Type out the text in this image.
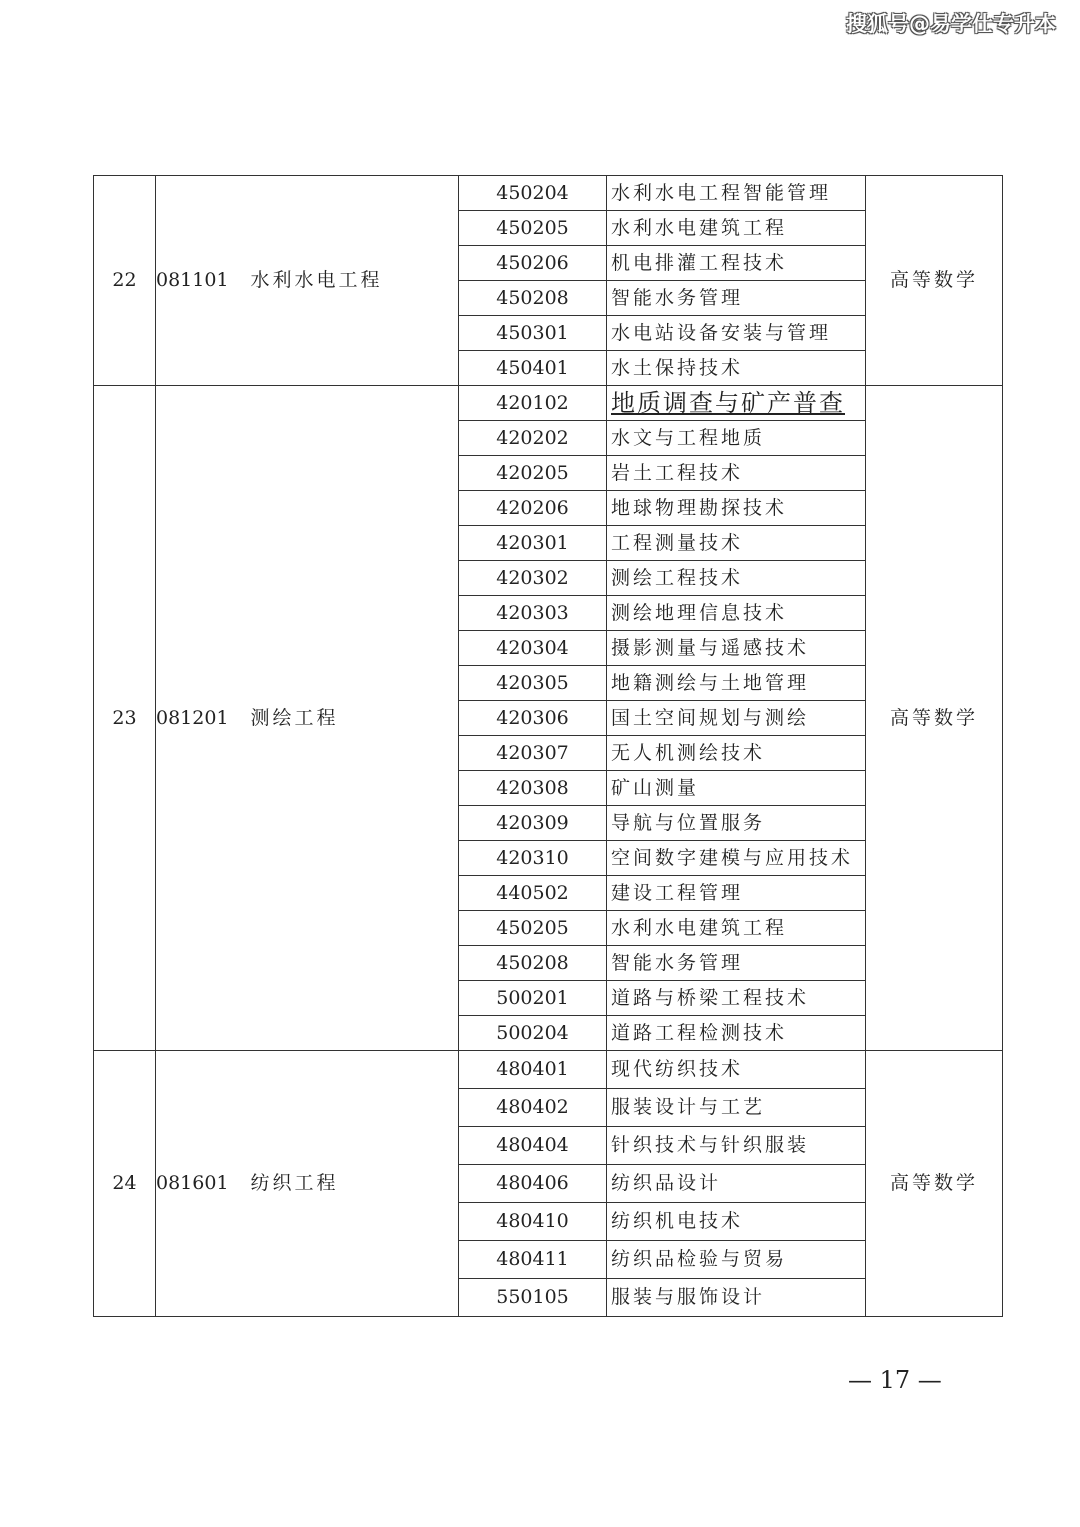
搜狐号@易学仕专升本
22	081101 水利水电工程	450204	水利水电工程智能管理	高等数学
		450205	水利水电建筑工程	
		450206	机电排灌工程技术	
		450208	智能水务管理	
		450301	水电站设备安装与管理	
		450401	水土保持技术	
23	081201 测绘工程	420102	地质调查与矿产普查	高等数学
		420202	水文与工程地质	
		420205	岩土工程技术	
		420206	地球物理勘探技术	
		420301	工程测量技术	
		420302	测绘工程技术	
		420303	测绘地理信息技术	
		420304	摄影测量与遥感技术	
		420305	地籍测绘与土地管理	
		420306	国土空间规划与测绘	
		420307	无人机测绘技术	
		420308	矿山测量	
		420309	导航与位置服务	
		420310	空间数字建模与应用技术	
		440502	建设工程管理	
		450205	水利水电建筑工程	
		450208	智能水务管理	
		500201	道路与桥梁工程技术	
		500204	道路工程检测技术	
24	081601 纺织工程	480401	现代纺织技术	高等数学
		480402	服装设计与工艺	
		480404	针织技术与针织服装	
		480406	纺织品设计	
		480410	纺织机电技术	
		480411	纺织品检验与贸易	
		550105	服装与服饰设计	
— 17 —
